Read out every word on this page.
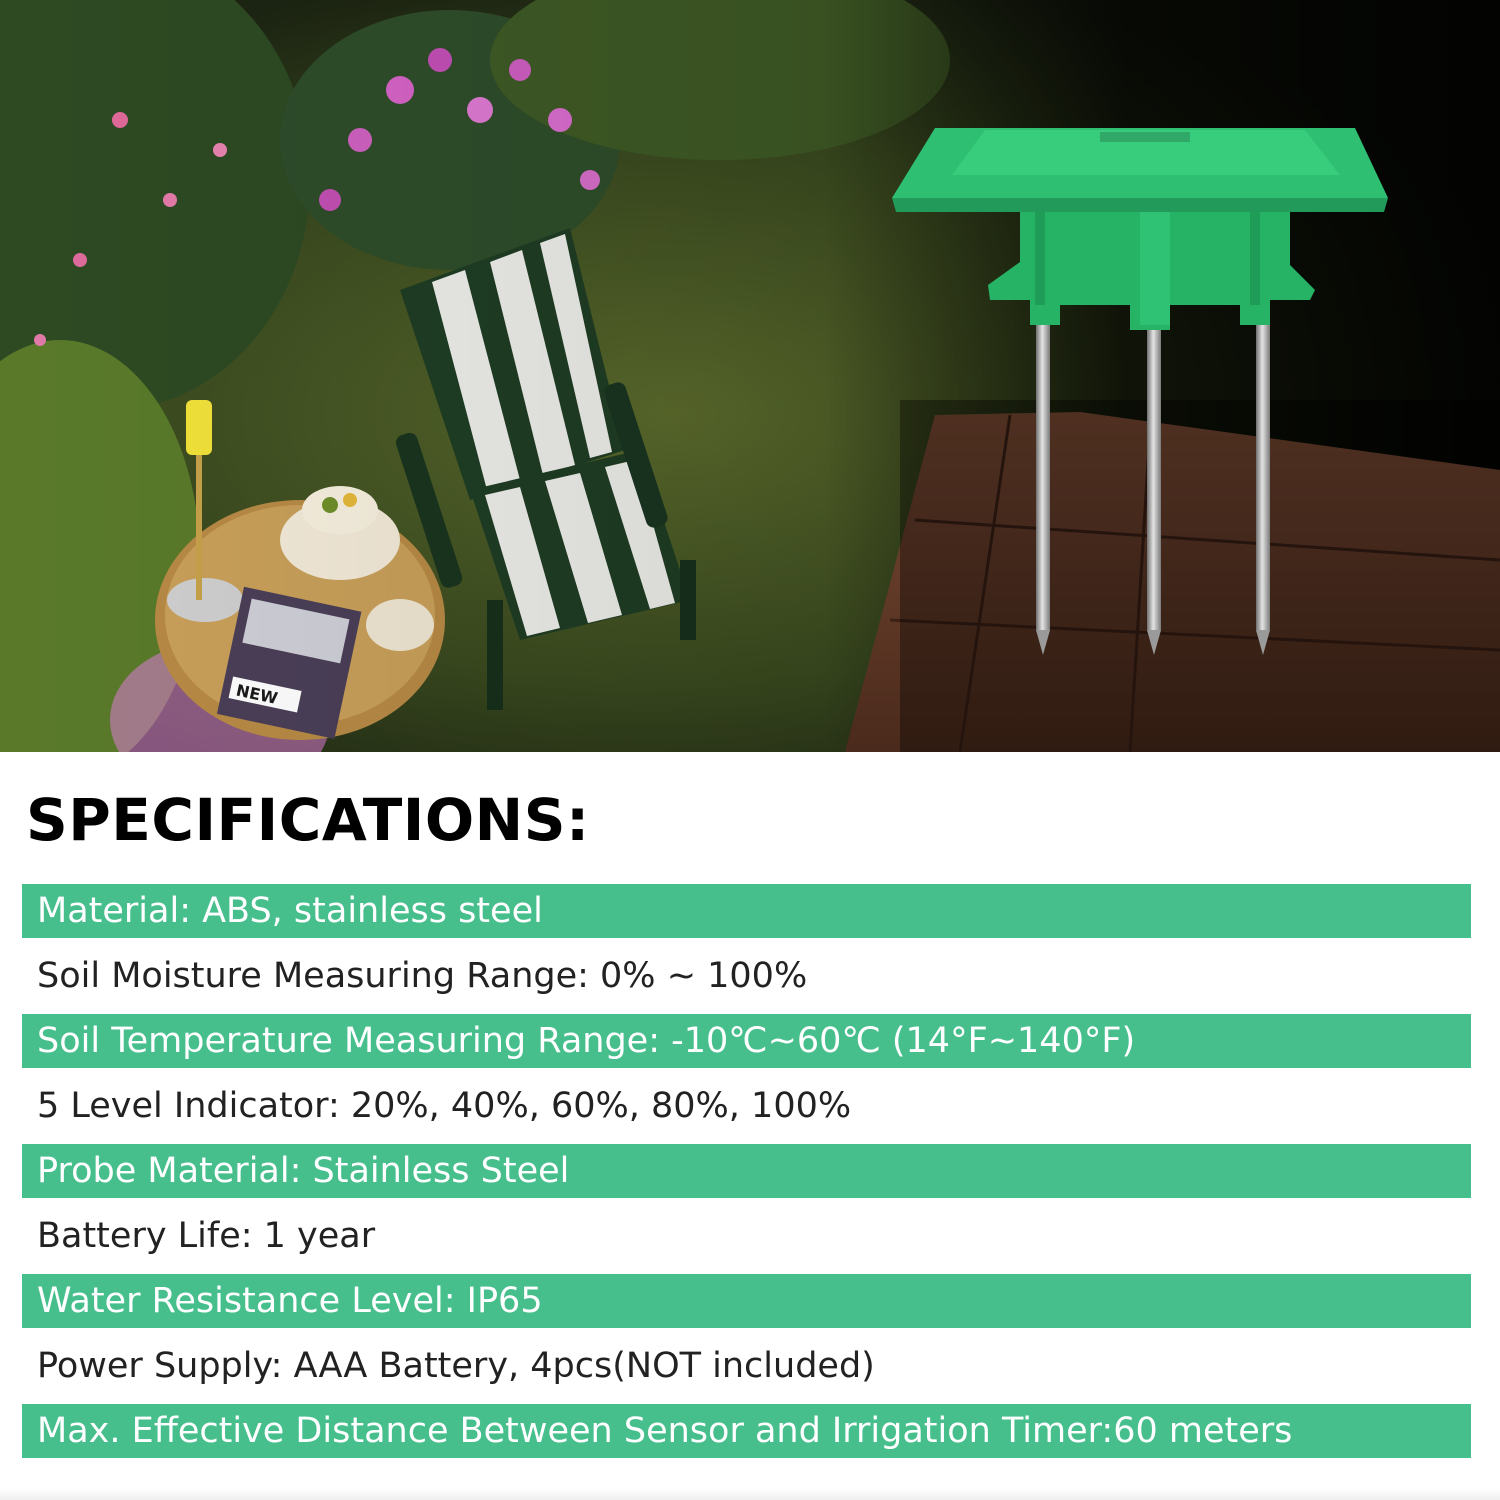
SPECIFICATIONS:
Material: ABS, stainless steel
Soil Moisture Measuring Range: 0% ~ 100%
Soil Temperature Measuring Range: -10℃~60℃ (14°F~140°F)
5 Level Indicator: 20%, 40%, 60%, 80%, 100%
Probe Material: Stainless Steel
Battery Life: 1 year
Water Resistance Level: IP65
Power Supply: AAA Battery, 4pcs(NOT included)
Max. Effective Distance Between Sensor and Irrigation Timer:60 meters
